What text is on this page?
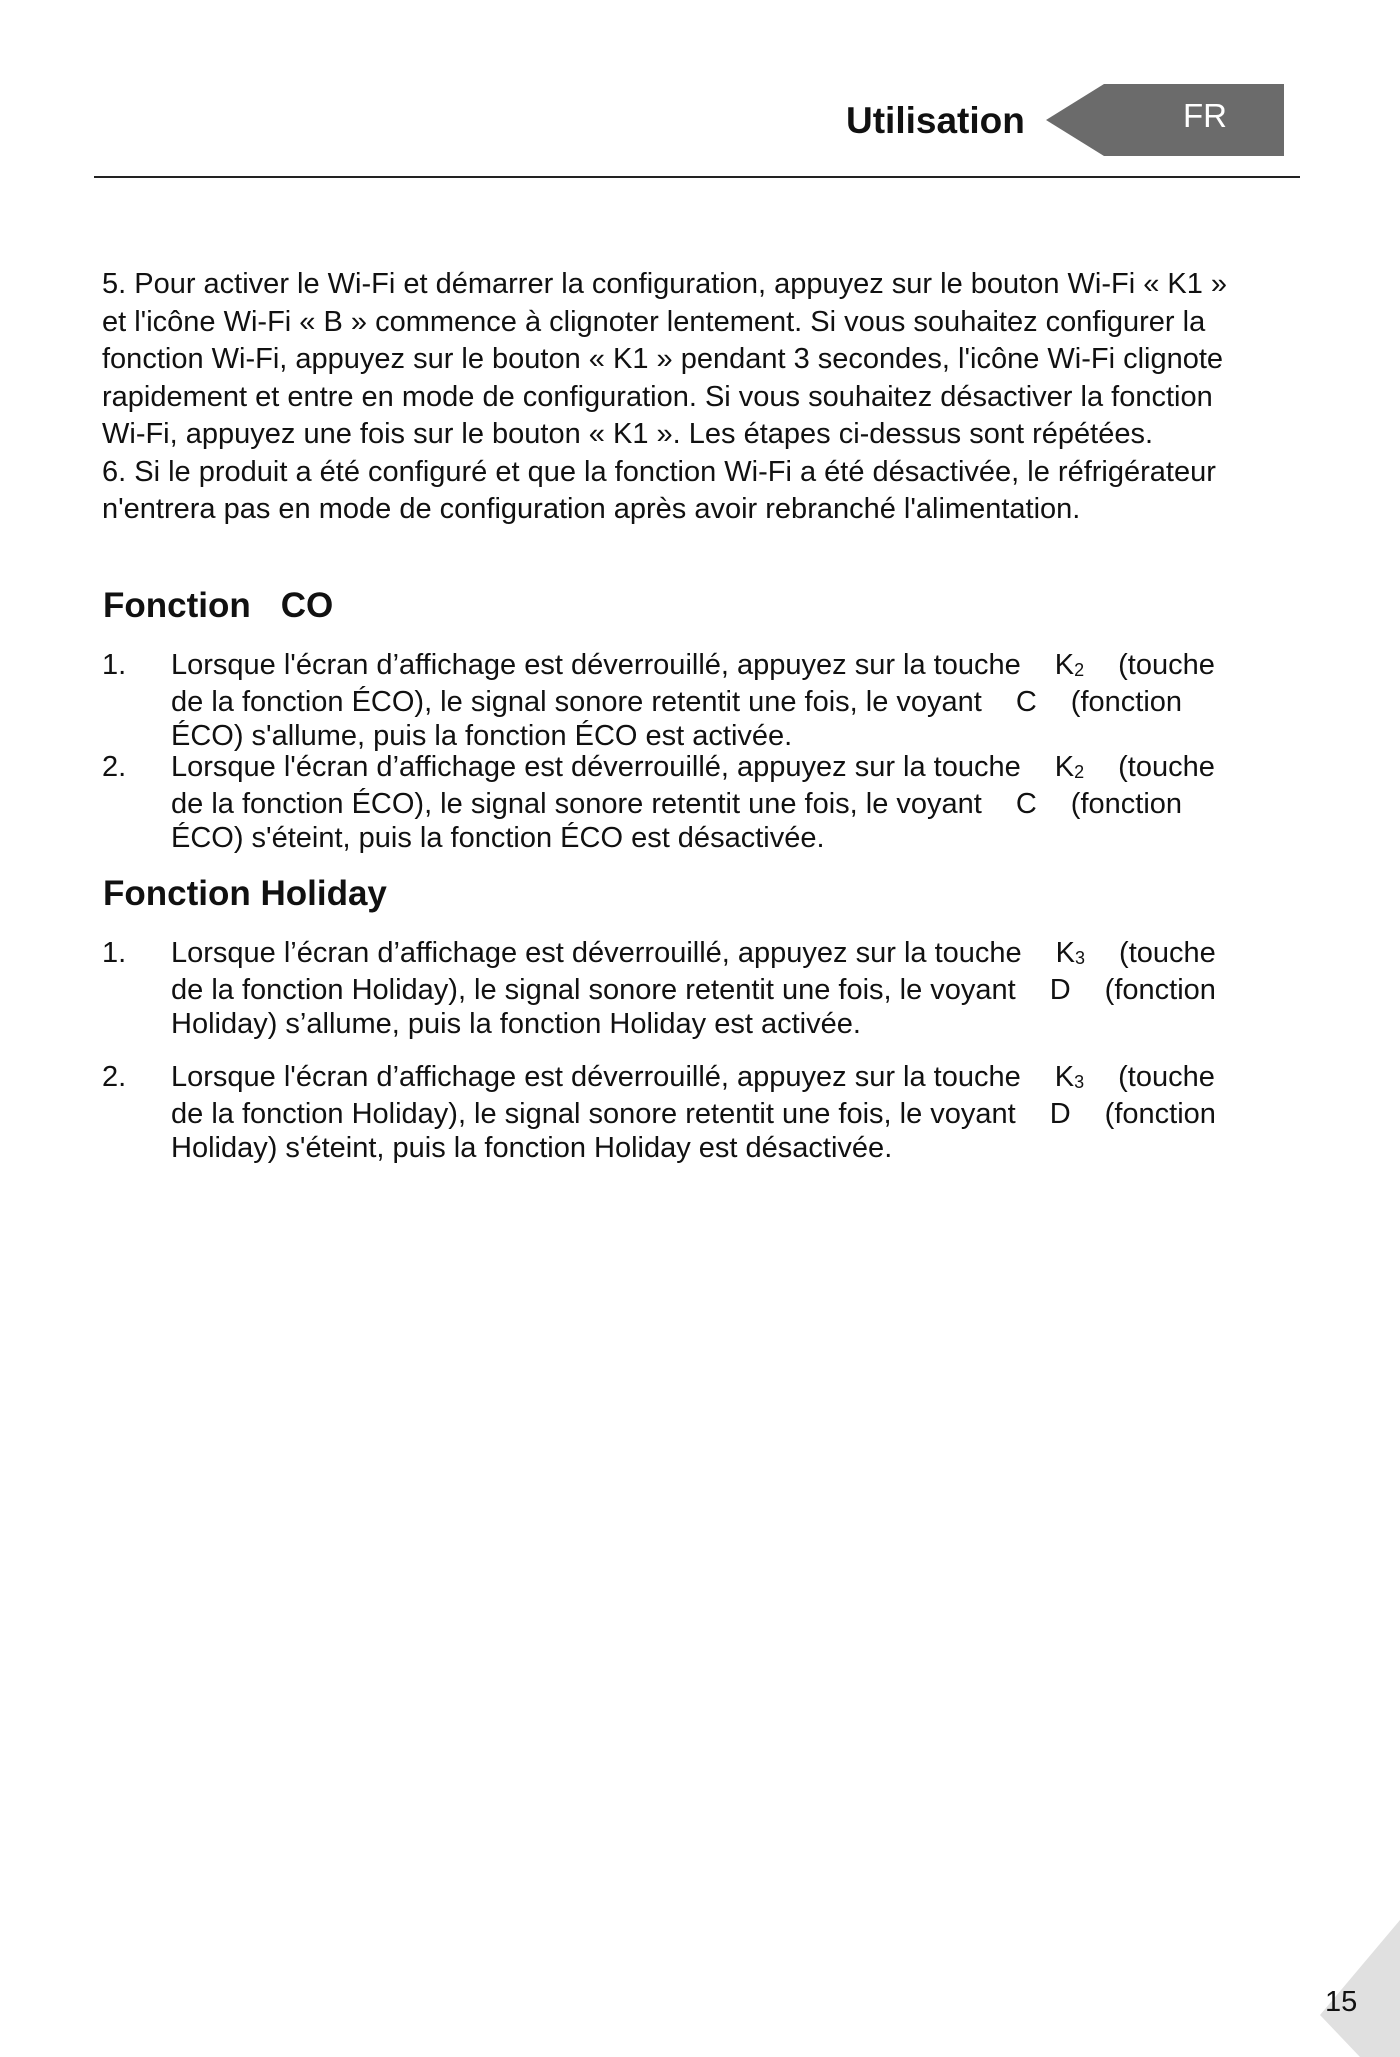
Utilisation	FR
5. Pour activer le Wi-Fi et démarrer la configuration, appuyez sur le bouton Wi-Fi « K1 »
et l'icône Wi-Fi « B » commence à clignoter lentement. Si vous souhaitez configurer la
fonction Wi-Fi, appuyez sur le bouton « K1 » pendant 3 secondes, l'icône Wi-Fi clignote
rapidement et entre en mode de configuration. Si vous souhaitez désactiver la fonction
Wi-Fi, appuyez une fois sur le bouton « K1 ». Les étapes ci-dessus sont répétées.
6. Si le produit a été configuré et que la fonction Wi-Fi a été désactivée, le réfrigérateur
n'entrera pas en mode de configuration après avoir rebranché l'alimentation.
Fonction CO
1. Lorsque l'écran d’affichage est déverrouillé, appuyez sur la touche	$K_2$	(touche
de la fonction ÉCO), le signal sonore retentit une fois, le voyant	C	(fonction
ÉCO) s'allume, puis la fonction ÉCO est activée.
2. Lorsque l'écran d’affichage est déverrouillé, appuyez sur la touche	$K_2$	(touche
de la fonction ÉCO), le signal sonore retentit une fois, le voyant	C	(fonction
ÉCO) s'éteint, puis la fonction ÉCO est désactivée.
Fonction Holiday
1. Lorsque l’écran d’affichage est déverrouillé, appuyez sur la touche	$K_3$	(touche
de la fonction Holiday), le signal sonore retentit une fois, le voyant	D	(fonction
Holiday) s’allume, puis la fonction Holiday est activée.
2. Lorsque l'écran d’affichage est déverrouillé, appuyez sur la touche	$K_3$	(touche
de la fonction Holiday), le signal sonore retentit une fois, le voyant	D	(fonction
Holiday) s'éteint, puis la fonction Holiday est désactivée.
15
